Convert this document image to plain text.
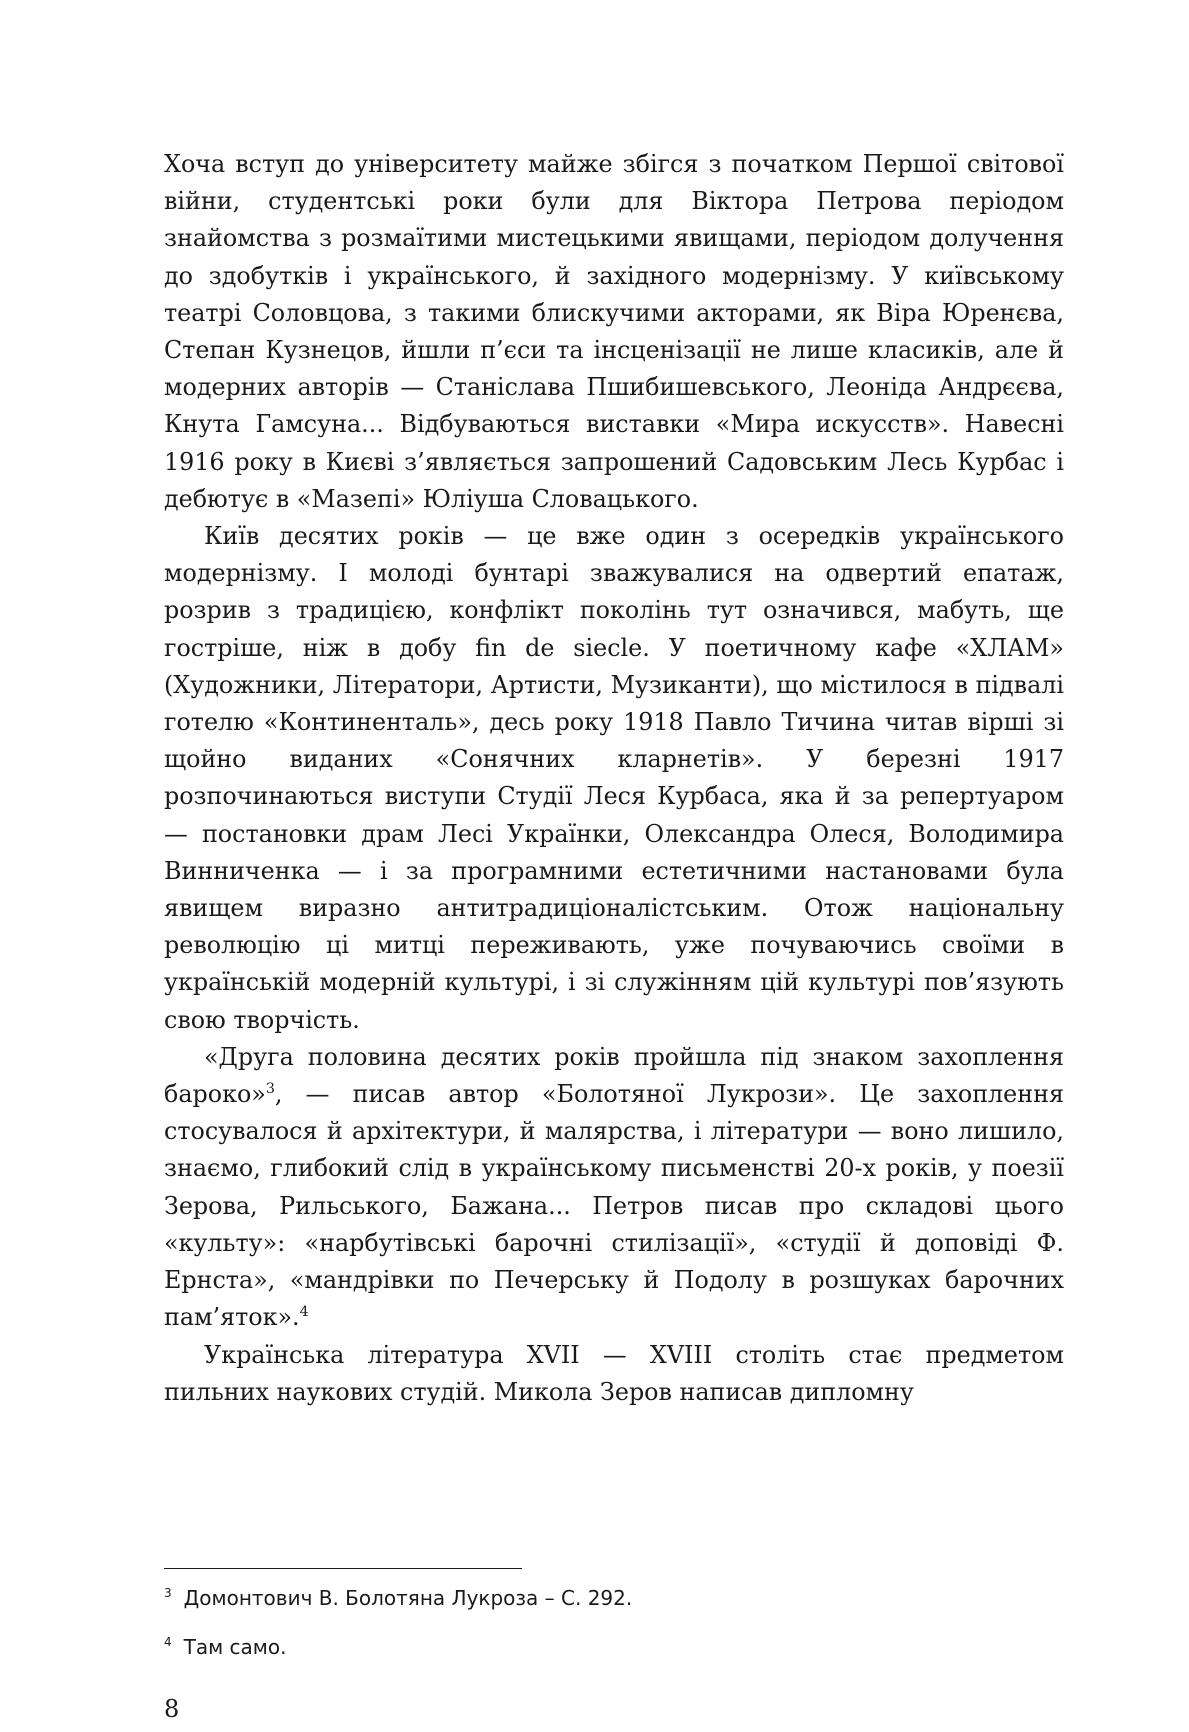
Хоча вступ до університету майже збігся з початком Першої світової війни, студентські роки були для Віктора Петрова періодом знайомства з розмаїтими мистецькими явищами, періодом долучення до здобутків і українського, й західного модернізму. У київському театрі Соловцова, з такими блискучими акторами, як Віра Юренєва, Степан Кузнецов, йшли п’єси та інсценізації не лише класиків, але й модерних авторів — Станіслава Пшибишевського, Леоніда Андрєєва, Кнута Гамсуна... Відбуваються виставки «Мира искусств». Навесні 1916 року в Києві з’являється запрошений Садовським Лесь Курбас і дебютує в «Мазепі» Юліуша Словацького.

Київ десятих років — це вже один з осередків українського модернізму. І молоді бунтарі зважувалися на одвертий епатаж, розрив з традицією, конфлікт поколінь тут означився, мабуть, ще гостріше, ніж в добу fin de siecle. У поетичному кафе «ХЛАМ» (Художники, Літератори, Артисти, Музиканти), що містилося в підвалі готелю «Континенталь», десь року 1918 Павло Тичина читав вірші зі щойно виданих «Сонячних кларнетів». У березні 1917 розпочинаються виступи Студії Леся Курбаса, яка й за репертуаром — постановки драм Лесі Українки, Олександра Олеся, Володимира Винниченка — і за програмними естетичними настановами була явищем виразно антитрадиціоналістським. Отож національну революцію ці митці переживають, уже почуваючись своїми в українській модерній культурі, і зі служінням цій культурі пов’язують свою творчість.

«Друга половина десятих років пройшла під знаком захоплення бароко»$^3$, — писав автор «Болотяної Лукрози». Це захоплення стосувалося й архітектури, й малярства, і літератури — воно лишило, знаємо, глибокий слід в українському письменстві 20-х років, у поезії Зерова, Рильського, Бажана... Петров писав про складові цього «культу»: «нарбутівські барочні стилізації», «студії й доповіді Ф. Ернста», «мандрівки по Печерську й Подолу в розшуках барочних пам’яток».$^4$

Українська література XVII — XVIII століть стає предметом пильних наукових студій. Микола Зеров написав дипломну

$^3$ Домонтович В. Болотяна Лукроза – С. 292.

$^4$ Там само.

8
